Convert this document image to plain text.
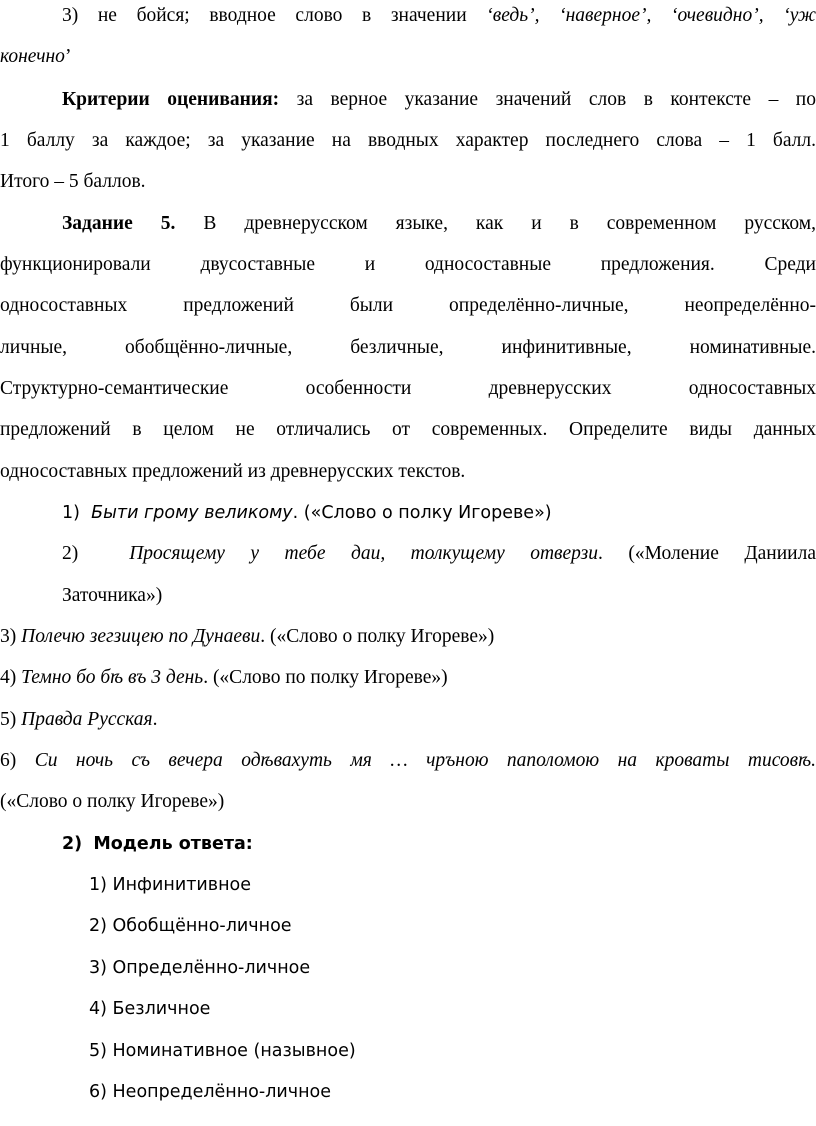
3) не бойся; вводное слово в значении ‘ведь’, ‘наверное’, ‘очевидно’, ‘уж
конечно’
Критерии оценивания: за верное указание значений слов в контексте – по
1 баллу за каждое; за указание на вводных характер последнего слова – 1 балл.
Итого – 5 баллов.
Задание 5. В древнерусском языке, как и в современном русском,
функционировали двусоставные и односоставные предложения. Среди
односоставных предложений были определённо-личные, неопределённо-
личные, обобщённо-личные, безличные, инфинитивные, номинативные.
Структурно-семантические особенности древнерусских односоставных
предложений в целом не отличались от современных. Определите виды данных
односоставных предложений из древнерусских текстов.
1) Быти грому великому. («Слово о полку Игореве»)
2)	Просящему у тебе даи, толкущему отверзи. («Моление Даниила
Заточника»)
3) Полечю зегзицею по Дунаеви. («Слово о полку Игореве»)
4) Темно бо бѣ въ 3 день. («Слово по полку Игореве»)
5) Правда Русская.
6) Си ночь съ вечера одѣвахуть мя … чръною паполомою на кроваты тисовѣ.
(«Слово о полку Игореве»)
2) Модель ответа:
1) Инфинитивное
2) Обобщённо-личное
3) Определённо-личное
4) Безличное
5) Номинативное (назывное)
6) Неопределённо-личное
